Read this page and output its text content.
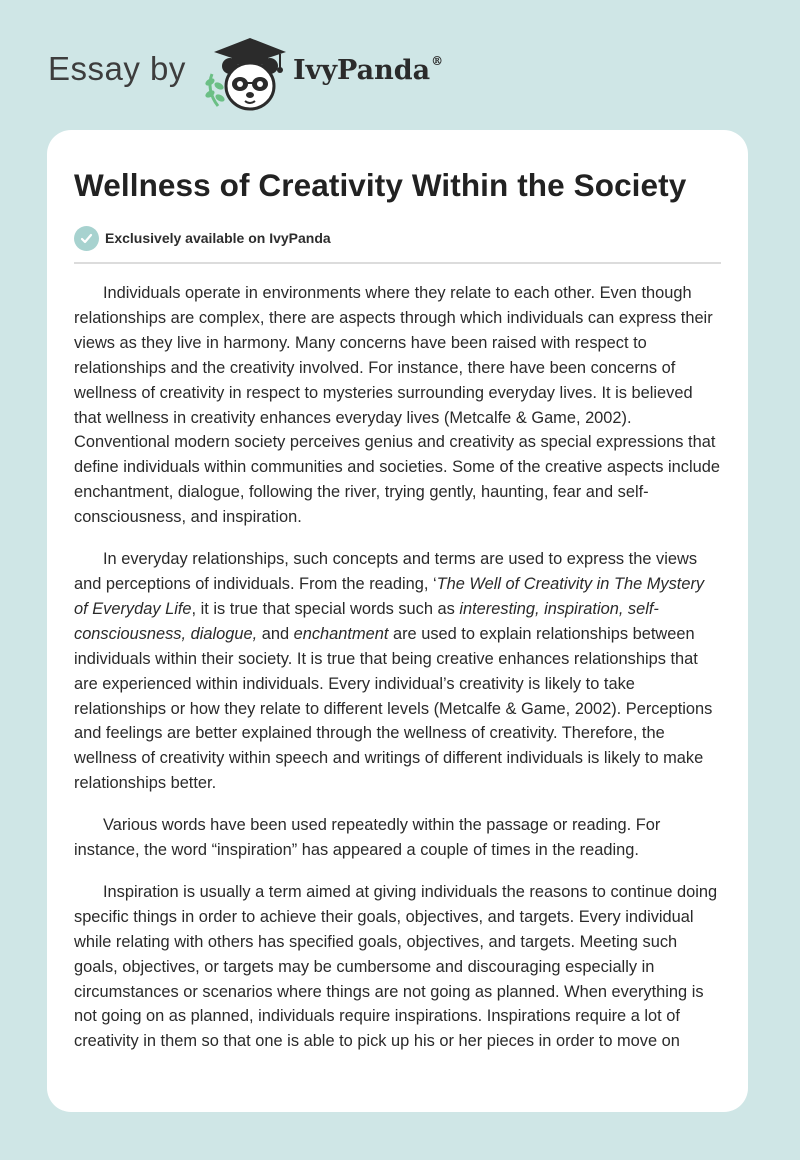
Essay by	IvyPanda®
Wellness of Creativity Within the Society
Exclusively available on IvyPanda

Individuals operate in environments where they relate to each other. Even though relationships are complex, there are aspects through which individuals can express their views as they live in harmony. Many concerns have been raised with respect to relationships and the creativity involved. For instance, there have been concerns of wellness of creativity in respect to mysteries surrounding everyday lives. It is believed that wellness in creativity enhances everyday lives (Metcalfe & Game, 2002). Conventional modern society perceives genius and creativity as special expressions that define individuals within communities and societies. Some of the creative aspects include enchantment, dialogue, following the river, trying gently, haunting, fear and self-consciousness, and inspiration.

In everyday relationships, such concepts and terms are used to express the views and perceptions of individuals. From the reading, ‘The Well of Creativity in The Mystery of Everyday Life, it is true that special words such as interesting, inspiration, self-consciousness, dialogue, and enchantment are used to explain relationships between individuals within their society. It is true that being creative enhances relationships that are experienced within individuals. Every individual’s creativity is likely to take relationships or how they relate to different levels (Metcalfe & Game, 2002). Perceptions and feelings are better explained through the wellness of creativity. Therefore, the wellness of creativity within speech and writings of different individuals is likely to make relationships better.

Various words have been used repeatedly within the passage or reading. For instance, the word “inspiration” has appeared a couple of times in the reading.

Inspiration is usually a term aimed at giving individuals the reasons to continue doing specific things in order to achieve their goals, objectives, and targets. Every individual while relating with others has specified goals, objectives, and targets. Meeting such goals, objectives, or targets may be cumbersome and discouraging especially in circumstances or scenarios where things are not going as planned. When everything is not going on as planned, individuals require inspirations. Inspirations require a lot of creativity in them so that one is able to pick up his or her pieces in order to move on
